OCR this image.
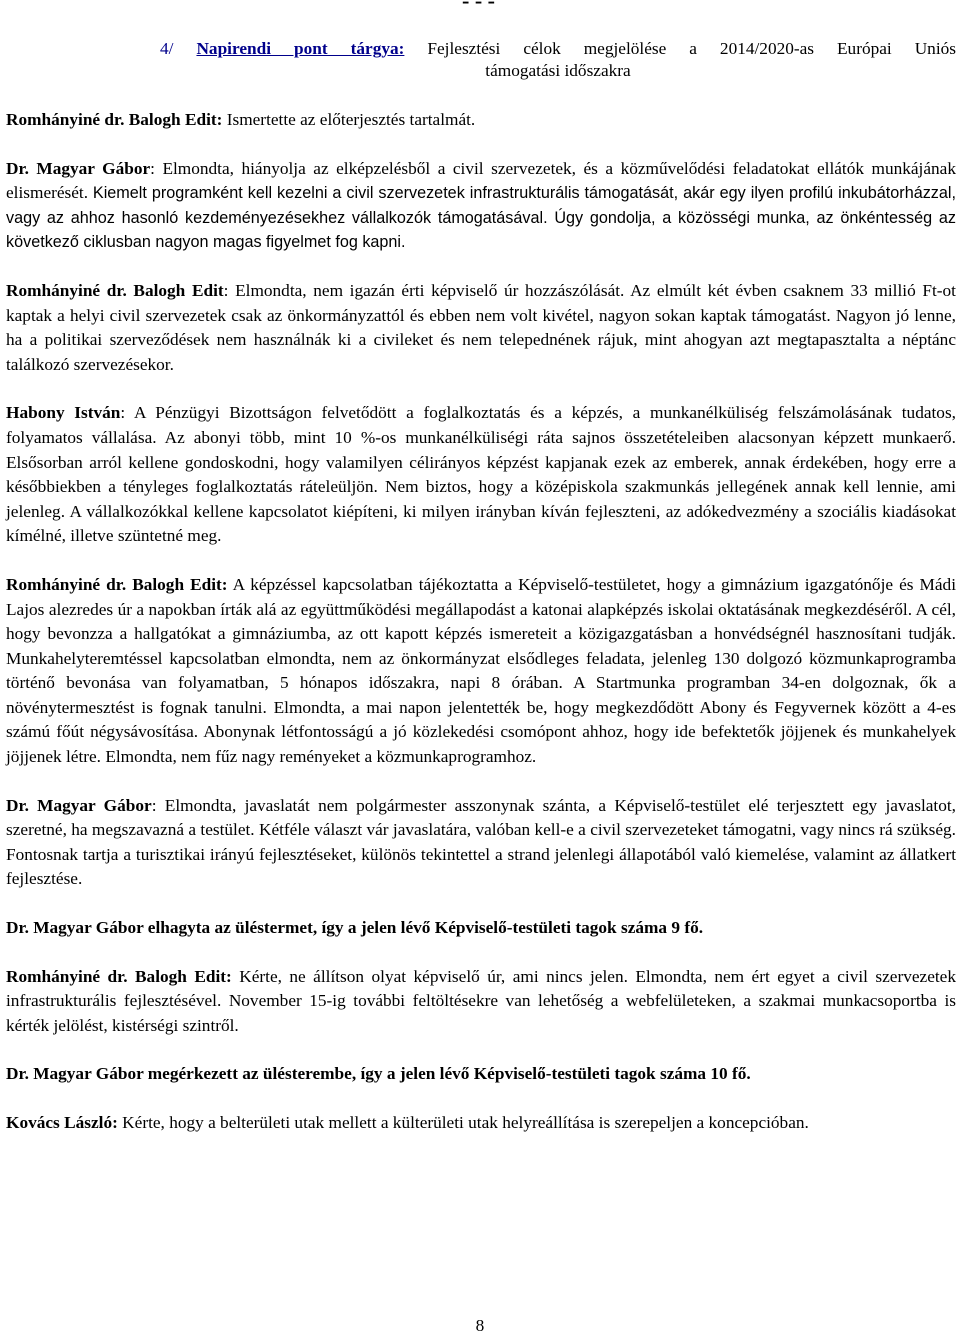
- - -
4/ Napirendi pont tárgya: Fejlesztési célok megjelölése a 2014/2020-as Európai Uniós
támogatási időszakra

Romhányiné dr. Balogh Edit: Ismertette az előterjesztés tartalmát.

Dr. Magyar Gábor: Elmondta, hiányolja az elképzelésből a civil szervezetek, és a közművelődési feladatokat ellátók munkájának elismerését. Kiemelt programként kell kezelni a civil szervezetek infrastrukturális támogatását, akár egy ilyen profilú inkubátorházzal, vagy az ahhoz hasonló kezdeményezésekhez vállalkozók támogatásával. Úgy gondolja, a közösségi munka, az önkéntesség az következő ciklusban nagyon magas figyelmet fog kapni.

Romhányiné dr. Balogh Edit: Elmondta, nem igazán érti képviselő úr hozzászólását. Az elmúlt két évben csaknem 33 millió Ft-ot kaptak a helyi civil szervezetek csak az önkormányzattól és ebben nem volt kivétel, nagyon sokan kaptak támogatást. Nagyon jó lenne, ha a politikai szerveződések nem használnák ki a civileket és nem telepednének rájuk, mint ahogyan azt megtapasztalta a néptánc találkozó szervezésekor.

Habony István: A Pénzügyi Bizottságon felvetődött a foglalkoztatás és a képzés, a munkanélküliség felszámolásának tudatos, folyamatos vállalása. Az abonyi több, mint 10 %-os munkanélküliségi ráta sajnos összetételeiben alacsonyan képzett munkaerő. Elsősorban arról kellene gondoskodni, hogy valamilyen célirányos képzést kapjanak ezek az emberek, annak érdekében, hogy erre a későbbiekben a tényleges foglalkoztatás ráteleüljön. Nem biztos, hogy a középiskola szakmunkás jellegének annak kell lennie, ami jelenleg. A vállalkozókkal kellene kapcsolatot kiépíteni, ki milyen irányban kíván fejleszteni, az adókedvezmény a szociális kiadásokat kímélné, illetve szüntetné meg.

Romhányiné dr. Balogh Edit: A képzéssel kapcsolatban tájékoztatta a Képviselő-testületet, hogy a gimnázium igazgatónője és Mádi Lajos alezredes úr a napokban írták alá az együttműködési megállapodást a katonai alapképzés iskolai oktatásának megkezdéséről. A cél, hogy bevonzza a hallgatókat a gimnáziumba, az ott kapott képzés ismereteit a közigazgatásban a honvédségnél hasznosítani tudják. Munkahelyteremtéssel kapcsolatban elmondta, nem az önkormányzat elsődleges feladata, jelenleg 130 dolgozó közmunkaprogramba történő bevonása van folyamatban, 5 hónapos időszakra, napi 8 órában. A Startmunka programban 34-en dolgoznak, ők a növénytermesztést is fognak tanulni. Elmondta, a mai napon jelentették be, hogy megkezdődött Abony és Fegyvernek között a 4-es számú főút négysávosítása. Abonynak létfontosságú a jó közlekedési csomópont ahhoz, hogy ide befektetők jöjjenek és munkahelyek jöjjenek létre. Elmondta, nem fűz nagy reményeket a közmunkaprogramhoz.

Dr. Magyar Gábor: Elmondta, javaslatát nem polgármester asszonynak szánta, a Képviselő-testület elé terjesztett egy javaslatot, szeretné, ha megszavazná a testület. Kétféle választ vár javaslatára, valóban kell-e a civil szervezeteket támogatni, vagy nincs rá szükség. Fontosnak tartja a turisztikai irányú fejlesztéseket, különös tekintettel a strand jelenlegi állapotából való kiemelése, valamint az állatkert fejlesztése.

Dr. Magyar Gábor elhagyta az üléstermet, így a jelen lévő Képviselő-testületi tagok száma 9 fő.

Romhányiné dr. Balogh Edit: Kérte, ne állítson olyat képviselő úr, ami nincs jelen. Elmondta, nem ért egyet a civil szervezetek infrastrukturális fejlesztésével. November 15-ig további feltöltésekre van lehetőség a webfelületeken, a szakmai munkacsoportba is kérték jelölést, kistérségi szintről.

Dr. Magyar Gábor megérkezett az ülésterembe, így a jelen lévő Képviselő-testületi tagok száma 10 fő.

Kovács László: Kérte, hogy a belterületi utak mellett a külterületi utak helyreállítása is szerepeljen a koncepcióban.

8
